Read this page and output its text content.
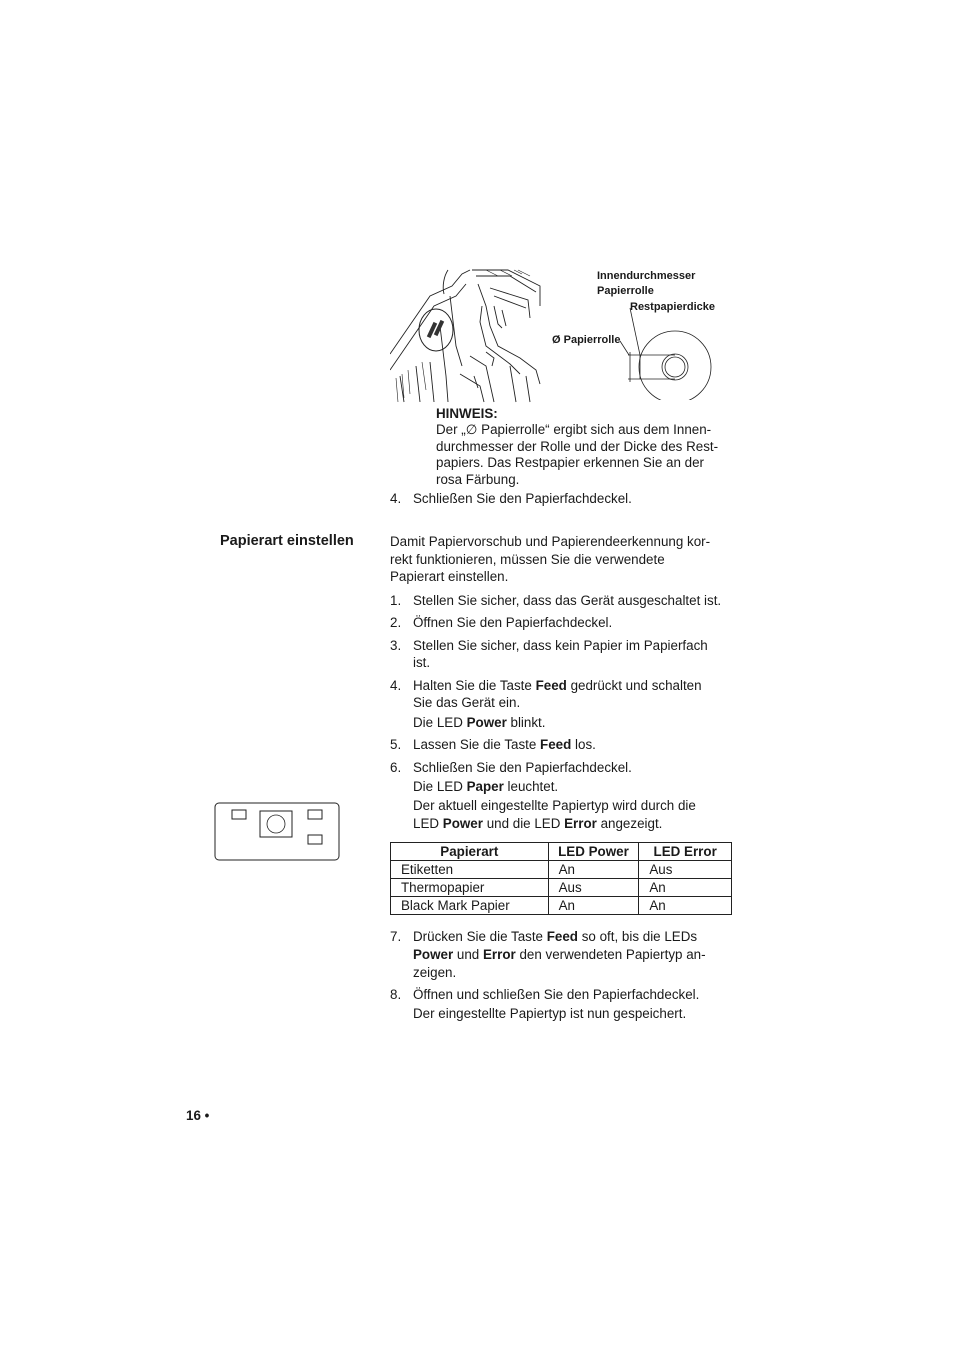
Innendurchmesser
Papierrolle
Restpapierdicke
Ø Papierrolle
HINWEIS:
Der „∅ Papierrolle“ ergibt sich aus dem Innen-
durchmesser der Rolle und der Dicke des Rest-
papiers. Das Restpapier erkennen Sie an der
rosa Färbung.
4. Schließen Sie den Papierfachdeckel.
Papierart einstellen	Damit Papiervorschub und Papierendeerkennung kor-
rekt funktionieren, müssen Sie die verwendete
Papierart einstellen.
1. Stellen Sie sicher, dass das Gerät ausgeschaltet ist.
2. Öffnen Sie den Papierfachdeckel.
3. Stellen Sie sicher, dass kein Papier im Papierfach
ist.
4. Halten Sie die Taste Feed gedrückt und schalten
Sie das Gerät ein.
Die LED Power blinkt.
5. Lassen Sie die Taste Feed los.
6. Schließen Sie den Papierfachdeckel.
Die LED Paper leuchtet.
Der aktuell eingestellte Papiertyp wird durch die
LED Power und die LED Error angezeigt.
Papierart	LED Power	LED Error
Etiketten	An	Aus
Thermopapier	Aus	An
Black Mark Papier	An	An
7. Drücken Sie die Taste Feed so oft, bis die LEDs
Power und Error den verwendeten Papiertyp an-
zeigen.
8. Öffnen und schließen Sie den Papierfachdeckel.
Der eingestellte Papiertyp ist nun gespeichert.
16 •
